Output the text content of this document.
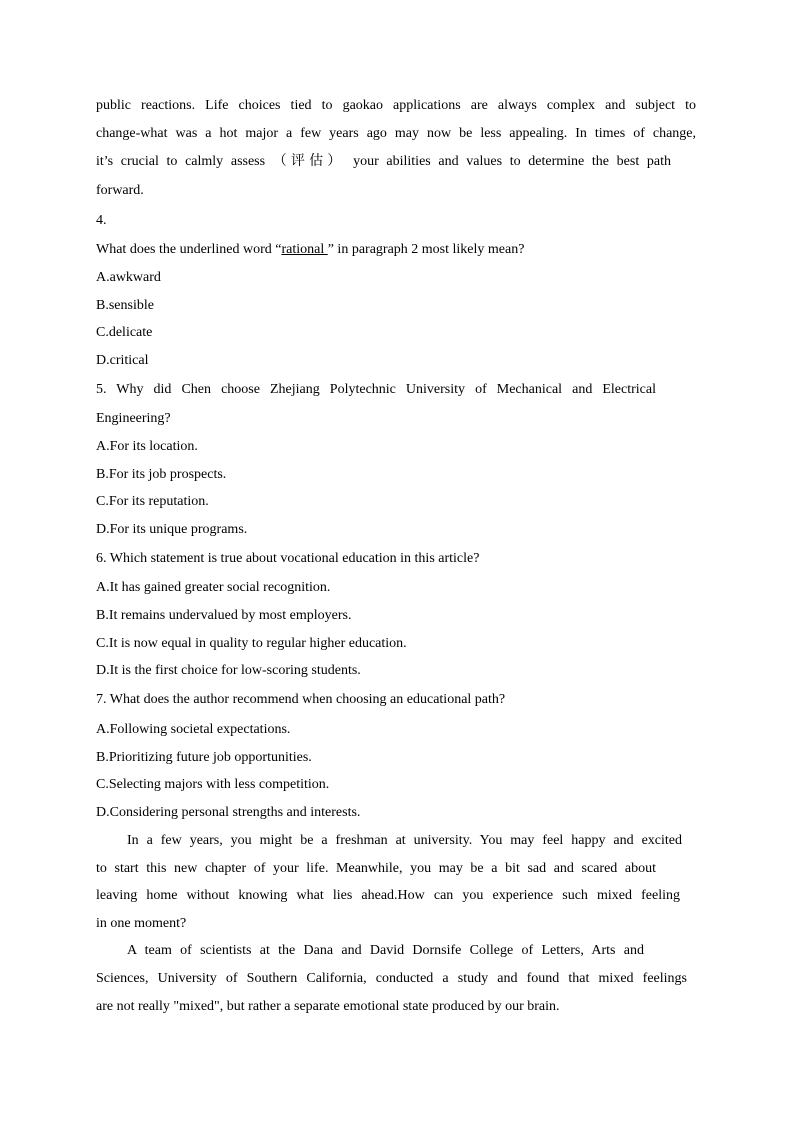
public reactions. Life choices tied to gaokao applications are always complex and subject to
change-what was a hot major a few years ago may now be less appealing. In times of change,
it’s crucial to calmly assess （评估） your abilities and values to determine the best path
forward.
4.
What does the underlined word “rational ” in paragraph 2 most likely mean?
A.awkward
B.sensible
C.delicate
D.critical
5. Why did Chen choose Zhejiang Polytechnic University of Mechanical and Electrical
Engineering?
A.For its location.
B.For its job prospects.
C.For its reputation.
D.For its unique programs.
6. Which statement is true about vocational education in this article?
A.It has gained greater social recognition.
B.It remains undervalued by most employers.
C.It is now equal in quality to regular higher education.
D.It is the first choice for low-scoring students.
7. What does the author recommend when choosing an educational path?
A.Following societal expectations.
B.Prioritizing future job opportunities.
C.Selecting majors with less competition.
D.Considering personal strengths and interests.
In a few years, you might be a freshman at university. You may feel happy and excited
to start this new chapter of your life. Meanwhile, you may be a bit sad and scared about
leaving home without knowing what lies ahead.How can you experience such mixed feeling
in one moment?
A team of scientists at the Dana and David Dornsife College of Letters, Arts and
Sciences, University of Southern California, conducted a study and found that mixed feelings
are not really "mixed", but rather a separate emotional state produced by our brain.
